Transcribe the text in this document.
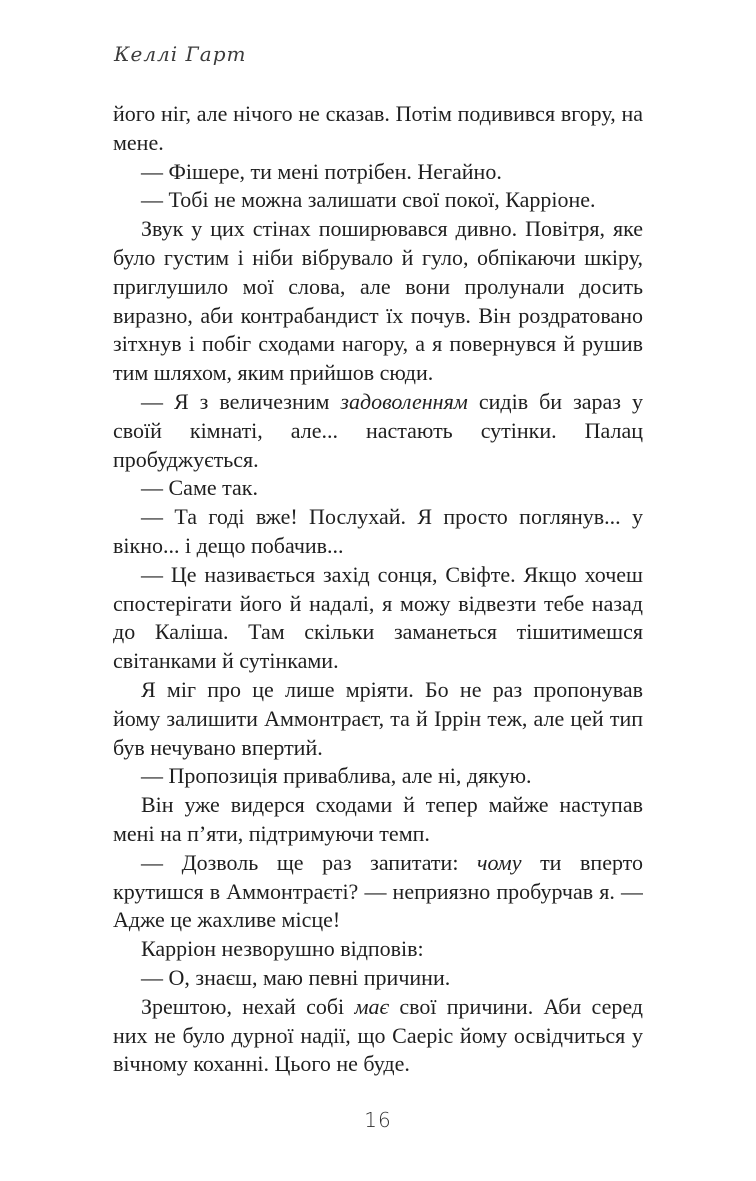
Келлі Гарт

його ніг, але нічого не сказав. Потім подивився вгору, на мене.

— Фішере, ти мені потрібен. Негайно.

— Тобі не можна залишати свої покої, Карріоне.

Звук у цих стінах поширювався дивно. Повітря, яке було густим і ніби вібрувало й гуло, обпікаючи шкіру, приглушило мої слова, але вони пролунали досить виразно, аби контрабандист їх почув. Він роздратовано зітхнув і побіг сходами нагору, а я повернувся й рушив тим шляхом, яким прийшов сюди.

— Я з величезним задоволенням сидів би зараз у своїй кімнаті, але... настають сутінки. Палац пробуджується.

— Саме так.

— Та годі вже! Послухай. Я просто поглянув... у вікно... і дещо побачив...

— Це називається захід сонця, Свіфте. Якщо хочеш спостерігати його й надалі, я можу відвезти тебе назад до Каліша. Там скільки заманеться тішитимешся світанками й сутінками.

Я міг про це лише мріяти. Бо не раз пропонував йому залишити Аммонтраєт, та й Іррін теж, але цей тип був нечувано впертий.

— Пропозиція приваблива, але ні, дякую.

Він уже видерся сходами й тепер майже наступав мені на п’яти, підтримуючи темп.

— Дозволь ще раз запитати: чому ти вперто крутишся в Аммонтраєті? — неприязно пробурчав я. — Адже це жахливе місце!

Карріон незворушно відповів:

— О, знаєш, маю певні причини.

Зрештою, нехай собі має свої причини. Аби серед них не було дурної надії, що Саеріс йому освідчиться у вічному коханні. Цього не буде.

16
